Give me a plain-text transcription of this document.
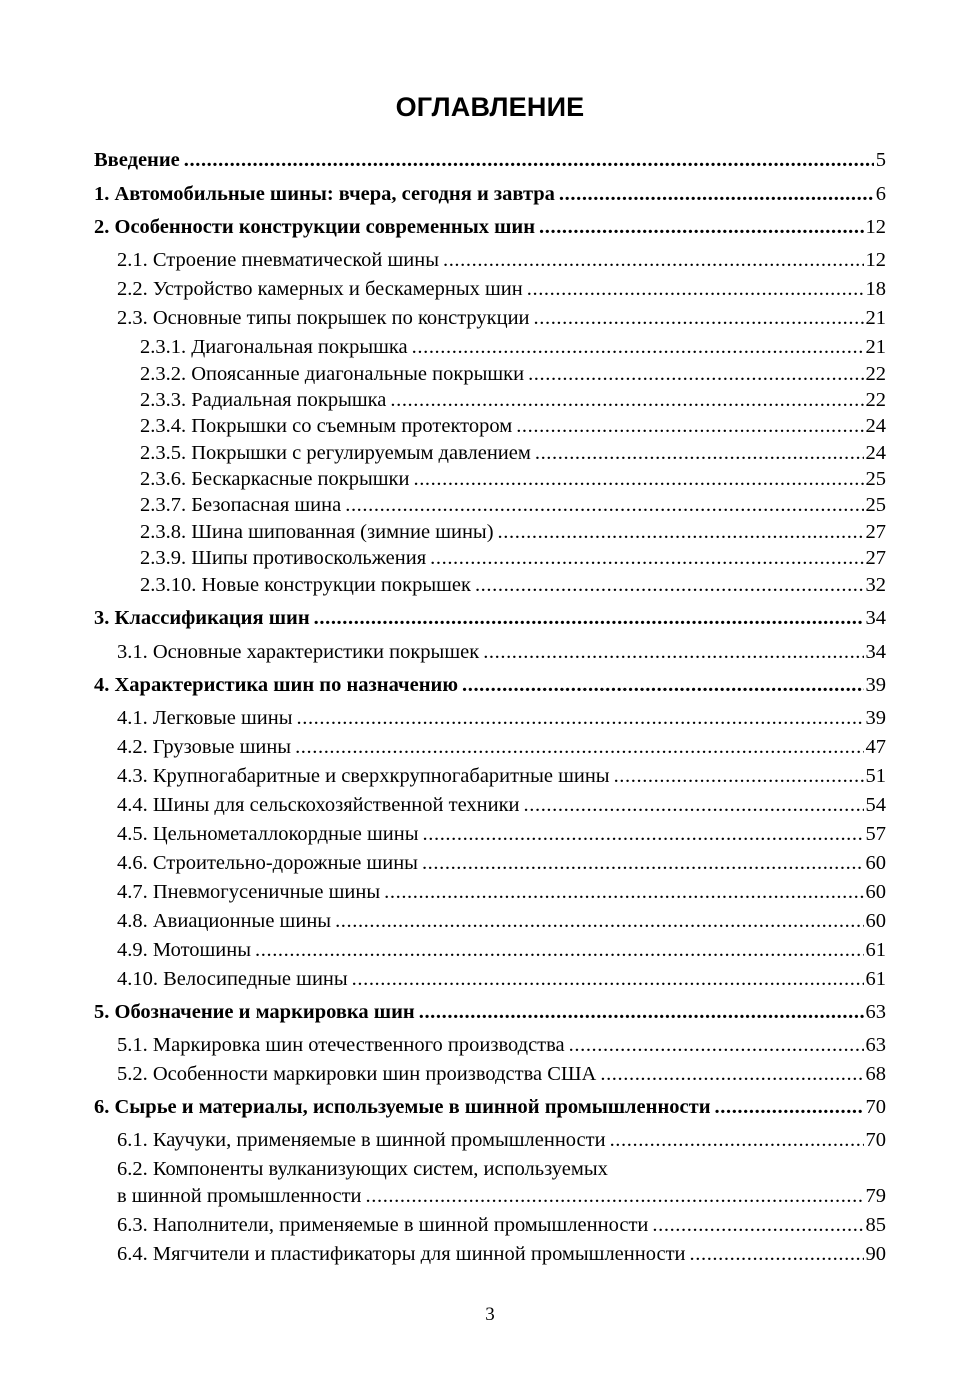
ОГЛАВЛЕНИЕ
Введение .....	5
1. Автомобильные шины: вчера, сегодня и завтра .....	6
2. Особенности конструкции современных шин .....	12
2.1. Строение пневматической шины .....	12
2.2. Устройство камерных и бескамерных шин .....	18
2.3. Основные типы покрышек по конструкции .....	21
2.3.1. Диагональная покрышка .....	21
2.3.2. Опоясанные диагональные покрышки .....	22
2.3.3. Радиальная покрышка .....	22
2.3.4. Покрышки со съемным протектором .....	24
2.3.5. Покрышки с регулируемым давлением .....	24
2.3.6. Бескаркасные покрышки .....	25
2.3.7. Безопасная шина .....	25
2.3.8. Шина шипованная (зимние шины) .....	27
2.3.9. Шипы противоскольжения .....	27
2.3.10. Новые конструкции покрышек .....	32
3. Классификация шин .....	34
3.1. Основные характеристики покрышек .....	34
4. Характеристика шин по назначению .....	39
4.1. Легковые шины .....	39
4.2. Грузовые шины .....	47
4.3. Крупногабаритные и сверхкрупногабаритные шины .....	51
4.4. Шины для сельскохозяйственной техники .....	54
4.5. Цельнометаллокордные шины .....	57
4.6. Строительно-дорожные шины .....	60
4.7. Пневмогусеничные шины .....	60
4.8. Авиационные шины .....	60
4.9. Мотошины .....	61
4.10. Велосипедные шины .....	61
5. Обозначение и маркировка шин .....	63
5.1. Маркировка шин отечественного производства .....	63
5.2. Особенности маркировки шин производства США .....	68
6. Сырье и материалы, используемые в шинной промышленности .....	70
6.1. Каучуки, применяемые в шинной промышленности .....	70
6.2. Компоненты вулканизующих систем, используемых
в шинной промышленности .....	79
6.3. Наполнители, применяемые в шинной промышленности .....	85
6.4. Мягчители и пластификаторы для шинной промышленности .....	90
3
